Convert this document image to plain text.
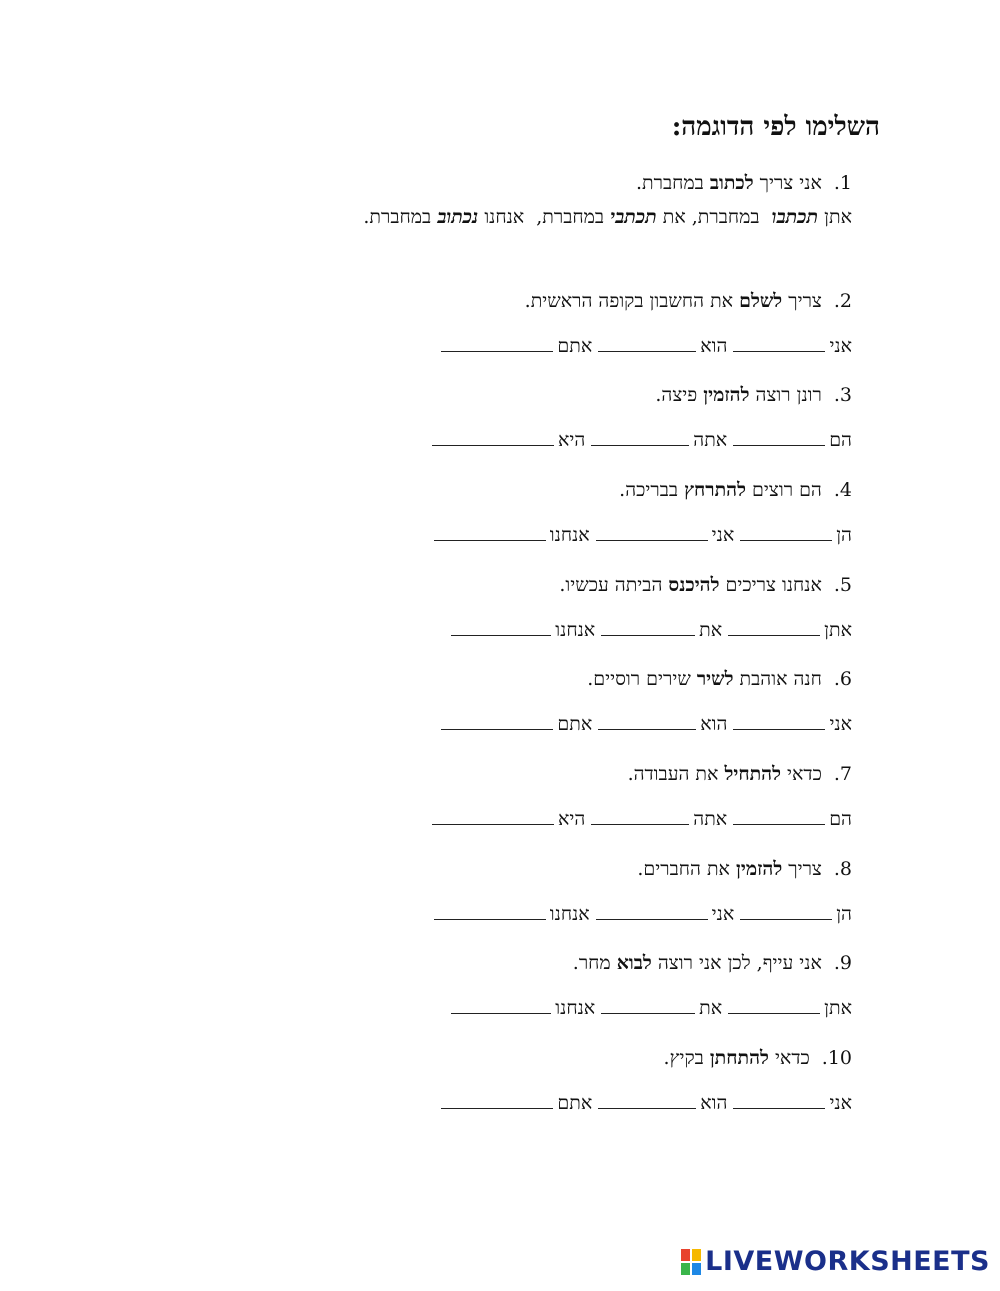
השלימו לפי הדוגמה:
1.אני צריך לכתוב במחברת.
אתן תכתבו  במחברת, את תכתבי במחברת,  אנחנו נכתוב במחברת.
2.צריך לשלם את החשבון בקופה הראשית.
אני
הוא
אתם
3.רונן רוצה להזמין פיצה.
הם
אתה
היא
4.הם רוצים להתרחץ בבריכה.
הן
אני
אנחנו
5.אנחנו צריכים להיכנס הביתה עכשיו.
אתן
את
אנחנו
6.חנה אוהבת לשיר שירים רוסיים.
אני
הוא
אתם
7.כדאי להתחיל את העבודה.
הם
אתה
היא
8.צריך להזמין את החברים.
הן
אני
אנחנו
9.אני עייף, לכן אני רוצה לבוא מחר.
אתן
את
אנחנו
10.כדאי להתחתן בקיץ.
אני
הוא
אתם
LIVE WORKSHEETS
